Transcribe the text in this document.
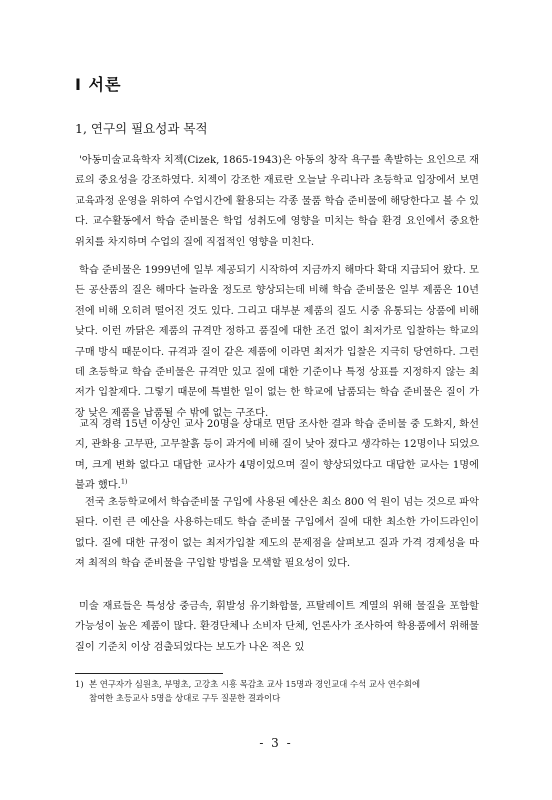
Ⅰ 서론
1, 연구의 필요성과 목적

'아동미술교육학자 치젝(Cizek, 1865-1943)은 아동의 창작 욕구를 촉발하는 요인으로 재료의 중요성을 강조하였다. 치젝이 강조한 재료란 오늘날 우리나라 초등학교 입장에서 보면 교육과정 운영을 위하여 수업시간에 활용되는 각종 물품 학습 준비물에 해당한다고 볼 수 있다. 교수활동에서 학습 준비물은 학업 성취도에 영향을 미치는 학습 환경 요인에서 중요한 위치를 차지하며 수업의 질에 직접적인 영향을 미친다.

학습 준비물은 1999년에 일부 제공되기 시작하여 지금까지 해마다 확대 지급되어 왔다. 모든 공산품의 질은 해마다 놀라울 정도로 향상되는데 비해 학습 준비물은 일부 제품은 10년 전에 비해 오히려 떨어진 것도 있다. 그리고 대부분 제품의 질도 시중 유통되는 상품에 비해 낮다. 이런 까닭은 제품의 규격만 정하고 품질에 대한 조건 없이 최저가로 입찰하는 학교의 구매 방식 때문이다. 규격과 질이 같은 제품에 이라면 최저가 입찰은 지극히 당연하다. 그런데 초등학교 학습 준비물은 규격만 있고 질에 대한 기준이나 특정 상표를 지정하지 않는 최저가 입찰제다. 그렇기 때문에 특별한 일이 없는 한 학교에 납품되는 학습 준비물은 질이 가장 낮은 제품을 납품될 수 밖에 없는 구조다.

교직 경력 15년 이상인 교사 20명을 상대로 면담 조사한 결과 학습 준비물 중 도화지, 화선지, 관화용 고무판, 고무찰흙 등이 과거에 비해 질이 낮아 졌다고 생각하는 12명이나 되었으며, 크게 변화 없다고 대답한 교사가 4명이었으며 질이 향상되었다고 대답한 교사는 1명에 불과 했다.$^{1)}$

전국 초등학교에서 학습준비물 구입에 사용된 예산은 최소 800 억 원이 넘는 것으로 파악된다. 이런 큰 예산을 사용하는데도 학습 준비물 구입에서 질에 대한 최소한 가이드라인이 없다. 질에 대한 규정이 없는 최저가입찰 제도의 문제점을 살펴보고 질과 가격 경제성을 따져 최적의 학습 준비물을 구입할 방법을 모색할 필요성이 있다.

미술 재료들은 특성상 중금속, 휘발성 유기화합물, 프탈레이트 계열의 위해 물질을 포함할 가능성이 높은 제품이 많다. 환경단체나 소비자 단체, 언론사가 조사하여 학용품에서 위해물질이 기준치 이상 검출되었다는 보도가 나온 적은 있

1) 본 연구자가 심원초, 부명초, 고강초 시흥 목감초 교사 15명과 경인교대 수석 교사 연수회에
참여한 초등교사 5명을 상대로 구두 질문한 결과이다
- 3 -
